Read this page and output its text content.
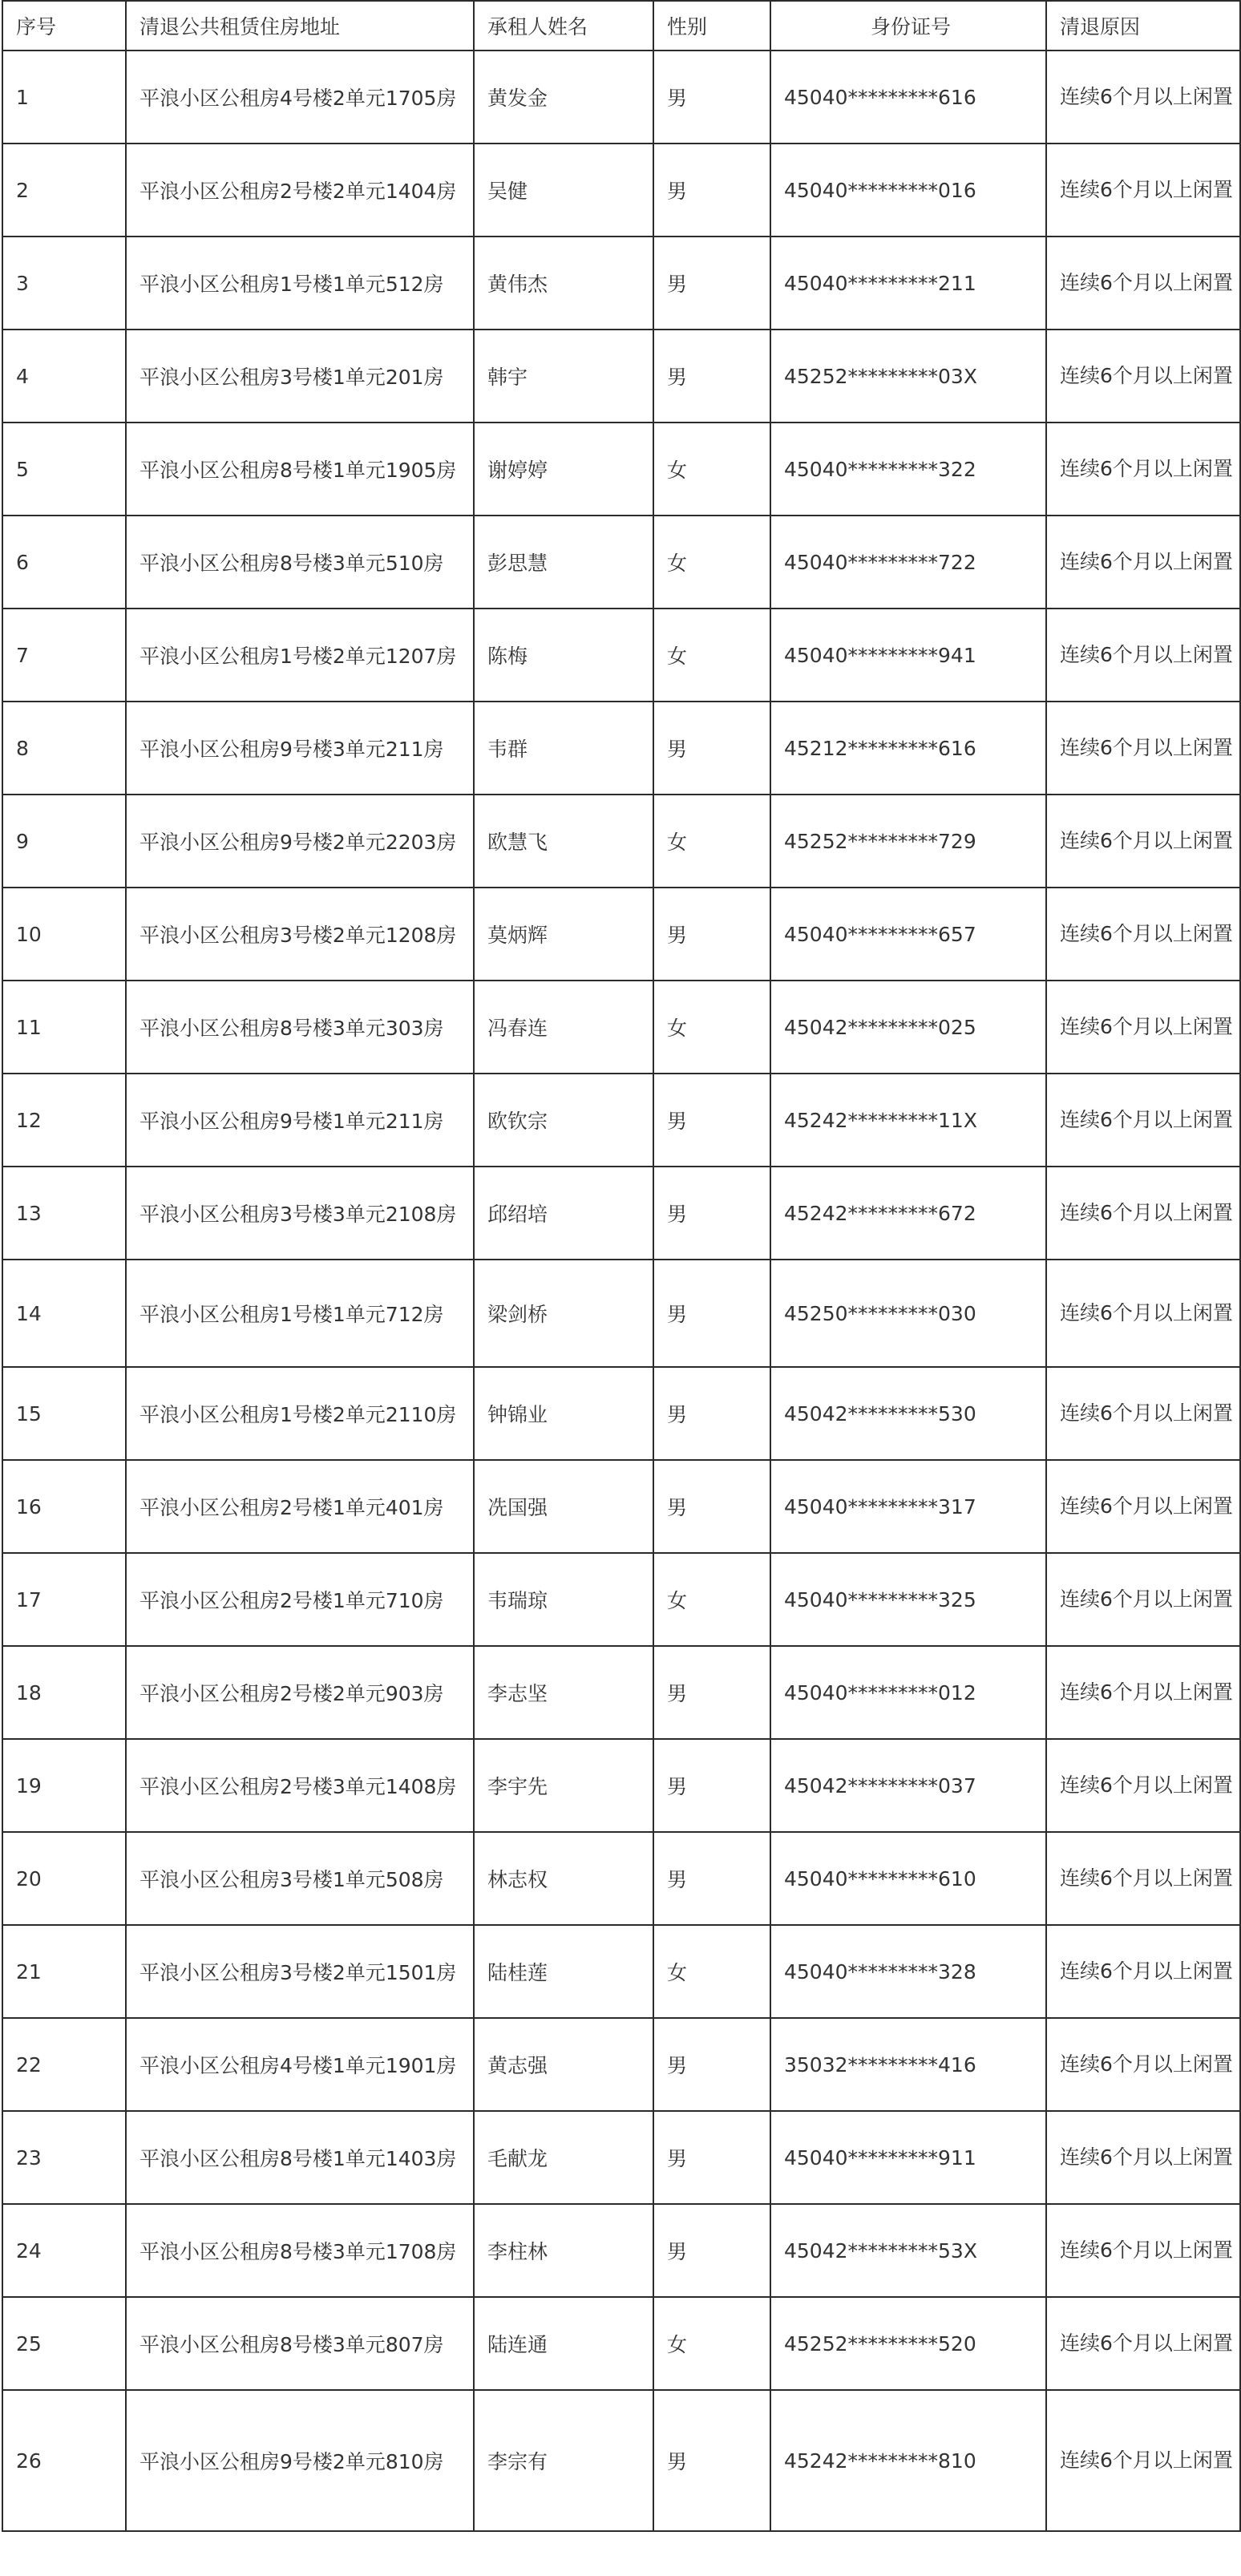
序号	清退公共租赁住房地址	承租人姓名	性别	身份证号	清退原因
1	平浪小区公租房4号楼2单元1705房	黄发金	男	45040*********616	连续6个月以上闲置
2	平浪小区公租房2号楼2单元1404房	吴健	男	45040*********016	连续6个月以上闲置
3	平浪小区公租房1号楼1单元512房	黄伟杰	男	45040*********211	连续6个月以上闲置
4	平浪小区公租房3号楼1单元201房	韩宇	男	45252*********03X	连续6个月以上闲置
5	平浪小区公租房8号楼1单元1905房	谢婷婷	女	45040*********322	连续6个月以上闲置
6	平浪小区公租房8号楼3单元510房	彭思慧	女	45040*********722	连续6个月以上闲置
7	平浪小区公租房1号楼2单元1207房	陈梅	女	45040*********941	连续6个月以上闲置
8	平浪小区公租房9号楼3单元211房	韦群	男	45212*********616	连续6个月以上闲置
9	平浪小区公租房9号楼2单元2203房	欧慧飞	女	45252*********729	连续6个月以上闲置
10	平浪小区公租房3号楼2单元1208房	莫炳辉	男	45040*********657	连续6个月以上闲置
11	平浪小区公租房8号楼3单元303房	冯春连	女	45042*********025	连续6个月以上闲置
12	平浪小区公租房9号楼1单元211房	欧钦宗	男	45242*********11X	连续6个月以上闲置
13	平浪小区公租房3号楼3单元2108房	邱绍培	男	45242*********672	连续6个月以上闲置
14	平浪小区公租房1号楼1单元712房	梁剑桥	男	45250*********030	连续6个月以上闲置
15	平浪小区公租房1号楼2单元2110房	钟锦业	男	45042*********530	连续6个月以上闲置
16	平浪小区公租房2号楼1单元401房	冼国强	男	45040*********317	连续6个月以上闲置
17	平浪小区公租房2号楼1单元710房	韦瑞琼	女	45040*********325	连续6个月以上闲置
18	平浪小区公租房2号楼2单元903房	李志坚	男	45040*********012	连续6个月以上闲置
19	平浪小区公租房2号楼3单元1408房	李宇先	男	45042*********037	连续6个月以上闲置
20	平浪小区公租房3号楼1单元508房	林志权	男	45040*********610	连续6个月以上闲置
21	平浪小区公租房3号楼2单元1501房	陆桂莲	女	45040*********328	连续6个月以上闲置
22	平浪小区公租房4号楼1单元1901房	黄志强	男	35032*********416	连续6个月以上闲置
23	平浪小区公租房8号楼1单元1403房	毛献龙	男	45040*********911	连续6个月以上闲置
24	平浪小区公租房8号楼3单元1708房	李柱林	男	45042*********53X	连续6个月以上闲置
25	平浪小区公租房8号楼3单元807房	陆连通	女	45252*********520	连续6个月以上闲置
26	平浪小区公租房9号楼2单元810房	李宗有	男	45242*********810	连续6个月以上闲置
